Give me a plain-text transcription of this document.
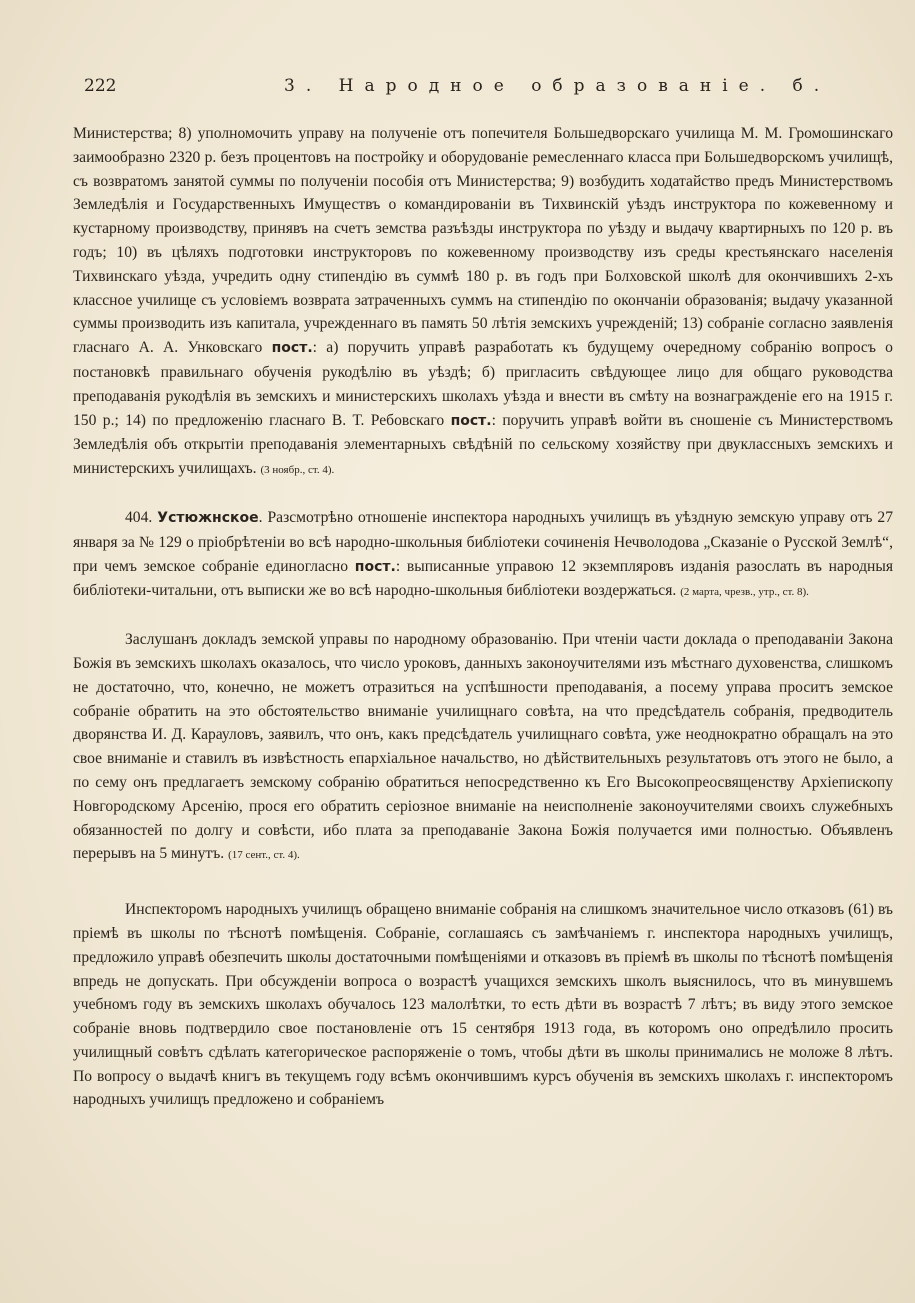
222	3. Народное образованiе. б.

Министерства; 8) уполномочить управу на полученiе отъ попечителя Большедворскаго училища М. М. Громошинскаго заимообразно 2320 р. безъ процентовъ на постройку и оборудованiе ремесленнаго класса при Большедворскомъ училищѣ, съ возвратомъ занятой суммы по полученiи пособiя отъ Министерства; 9) возбудить ходатайство предъ Министерствомъ Земледѣлiя и Государственныхъ Имуществъ о командированiи въ Тихвинскiй уѣздъ инструктора по кожевенному и кустарному производству, принявъ на счетъ земства разъѣзды инструктора по уѣзду и выдачу квартирныхъ по 120 р. въ годъ; 10) въ цѣляхъ подготовки инструкторовъ по кожевенному производству изъ среды крестьянскаго населенiя Тихвинскаго уѣзда, учредить одну стипендiю въ суммѣ 180 р. въ годъ при Болховской школѣ для окончившихъ 2-хъ классное училище съ условiемъ возврата затраченныхъ суммъ на стипендiю по окончанiи образованiя; выдачу указанной суммы производить изъ капитала, учрежденнаго въ память 50 лѣтiя земскихъ учрежденiй; 13) собранiе согласно заявленiя гласнаго А. А. Унковскаго пост.: а) поручить управѣ разработать къ будущему очередному собранiю вопросъ о постановкѣ правильнаго обученiя рукодѣлiю въ уѣздѣ; б) пригласить свѣдующее лицо для общаго руководства преподаванiя рукодѣлiя въ земскихъ и министерскихъ школахъ уѣзда и внести въ смѣту на вознагражденiе его на 1915 г. 150 р.; 14) по предложенiю гласнаго В. Т. Ребовскаго пост.: поручить управѣ войти въ сношенiе съ Министерствомъ Земледѣлiя объ открытiи преподаванiя элементарныхъ свѣдѣнiй по сельскому хозяйству при двуклассныхъ земскихъ и министерскихъ училищахъ. (3 ноябр., ст. 4).

404. Устюжнское. Разсмотрѣно отношенiе инспектора народныхъ училищъ въ уѣздную земскую управу отъ 27 января за № 129 о прiобрѣтенiи во всѣ народно-школьныя библiотеки сочиненiя Нечволодова „Сказанiе о Русской Землѣ“, при чемъ земское собранiе единогласно пост.: выписанные управою 12 экземпляровъ изданiя разослать въ народныя библiотеки-читальни, отъ выписки же во всѣ народно-школьныя библiотеки воздержаться. (2 марта, чрезв., утр., ст. 8).

Заслушанъ докладъ земской управы по народному образованiю. При чтенiи части доклада о преподаванiи Закона Божiя въ земскихъ школахъ оказалось, что число уроковъ, данныхъ законоучителями изъ мѣстнаго духовенства, слишкомъ не достаточно, что, конечно, не можетъ отразиться на успѣшности преподаванiя, а посему управа проситъ земское собранiе обратить на это обстоятельство вниманiе училищнаго совѣта, на что предсѣдатель собранiя, предводитель дворянства И. Д. Карауловъ, заявилъ, что онъ, какъ предсѣдатель училищнаго совѣта, уже неоднократно обращалъ на это свое вниманiе и ставилъ въ извѣстность епархiальное начальство, но дѣйствительныхъ результатовъ отъ этого не было, а по сему онъ предлагаетъ земскому собранiю обратиться непосредственно къ Его Высокопреосвященству Архiепископу Новгородскому Арсенiю, прося его обратить серiозное вниманiе на неисполненiе законоучителями своихъ служебныхъ обязанностей по долгу и совѣсти, ибо плата за преподаванiе Закона Божiя получается ими полностью. Объявленъ перерывъ на 5 минутъ. (17 сент., ст. 4).

Инспекторомъ народныхъ училищъ обращено вниманiе собранiя на слишкомъ значительное число отказовъ (61) въ прiемѣ въ школы по тѣснотѣ помѣщенiя. Собранiе, соглашаясь съ замѣчанiемъ г. инспектора народныхъ училищъ, предложило управѣ обезпечить школы достаточными помѣщенiями и отказовъ въ прiемѣ въ школы по тѣснотѣ помѣщенiя впредь не допускать. При обсужденiи вопроса о возрастѣ учащихся земскихъ школъ выяснилось, что въ минувшемъ учебномъ году въ земскихъ школахъ обучалось 123 малолѣтки, то есть дѣти въ возрастѣ 7 лѣтъ; въ виду этого земское собранiе вновь подтвердило свое постановленiе отъ 15 сентября 1913 года, въ которомъ оно опредѣлило просить училищный совѣтъ сдѣлать категорическое распоряженiе о томъ, чтобы дѣти въ школы принимались не моложе 8 лѣтъ. По вопросу о выдачѣ книгъ въ текущемъ году всѣмъ окончившимъ курсъ обученiя въ земскихъ школахъ г. инспекторомъ народныхъ училищъ предложено и собранiемъ
